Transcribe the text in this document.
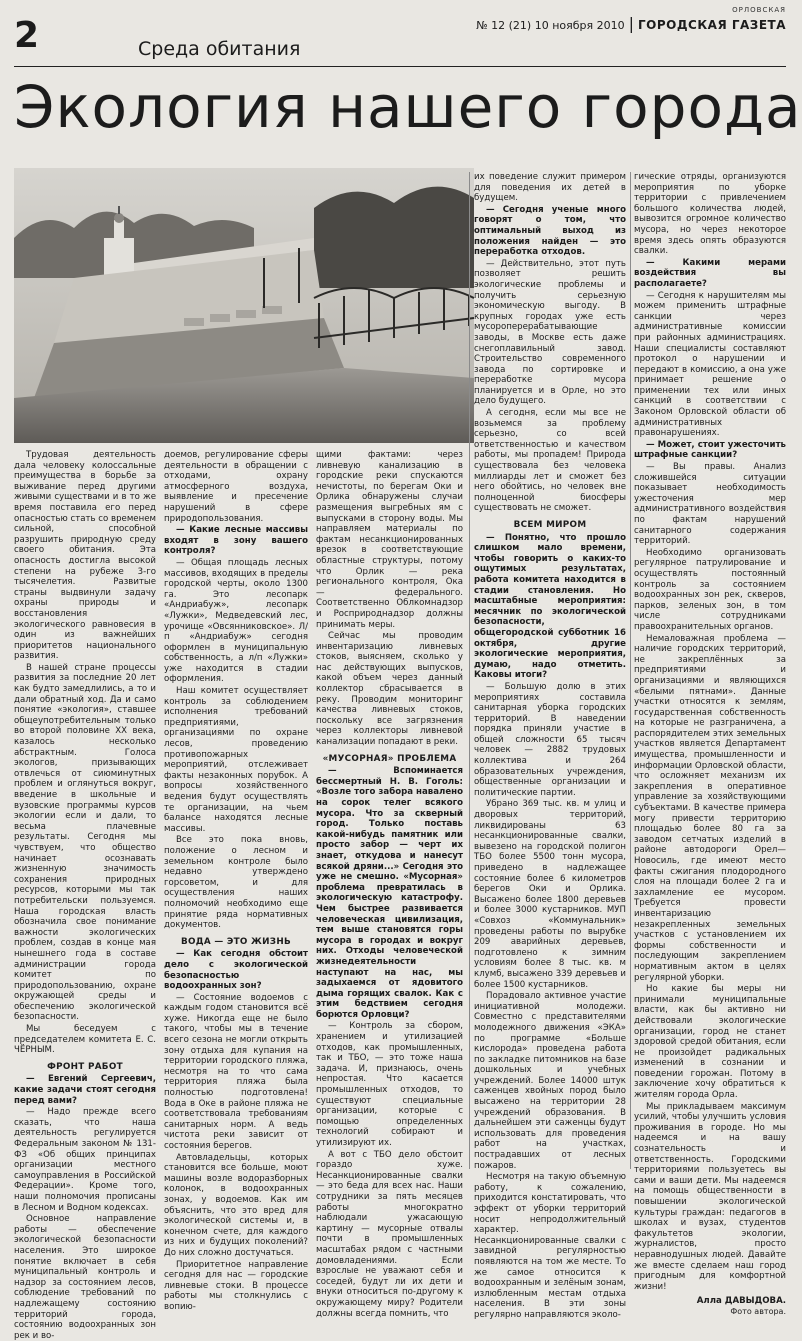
2	Среда обитания
ОРЛОВСКАЯ
№ 12 (21) 10 ноября 2010 | ГОРОДСКАЯ ГАЗЕТА
Экология нашего города

Трудовая деятельность дала человеку колоссальные преимущества в борьбе за выживание перед другими живыми существами и в то же время поставила его перед опасностью стать со временем сильной, способной разрушить природную среду своего обитания. Эта опасность достигла высокой степени на рубеже 3-го тысячелетия. Развитые страны выдвинули задачу охраны природы и восстановления экологического равновесия в один из важнейших приоритетов национального развития.

В нашей стране процессы развития за последние 20 лет как будто замедлились, а то и дали обратный ход. Да и само понятие «экология», ставшее общеупотребительным только во второй половине XX века, казалось несколько абстрактным. Голоса экологов, призывающих отвлечься от сиюминутных проблем и оглянуться вокруг, введение в школьные и вузовские программы курсов экологии если и дали, то весьма плачевные результаты. Сегодня мы чувствуем, что общество начинает осознавать жизненную значимость сохранения природных ресурсов, которыми мы так потребительски пользуемся. Наша городская власть обозначила свое понимание важности экологических проблем, создав в конце мая нынешнего года в составе администрации города комитет по природопользованию, охране окружающей среды и обеспечению экологической безопасности.

Мы беседуем с председателем комитета Е. С. ЧЁРНЫМ.

ФРОНТ РАБОТ

— Евгений Сергеевич, какие задачи стоят сегодня перед вами?

— Надо прежде всего сказать, что наша деятельность регулируется Федеральным законом № 131-ФЗ «Об общих принципах организации местного самоуправления в Российской Федерации». Кроме того, наши полномочия прописаны в Лесном и Водном кодексах.

Основное направление работы — обеспечение экологической безопасности населения. Это широкое понятие включает в себя муниципальный контроль и надзор за состоянием лесов, соблюдение требований по надлежащему состоянию территорий города, состоянию водоохранных зон рек и во-

доемов, регулирование сферы деятельности в обращении с отходами, охрану атмосферного воздуха, выявление и пресечение нарушений в сфере природопользования.

— Какие лесные массивы входят в зону вашего контроля?

— Общая площадь лесных массивов, входящих в пределы городской черты, около 1300 га. Это лесопарк «Андриабуж», лесопарк «Лужки», Медведевский лес, урочище «Овсянниковское». Л/п «Андриабуж» сегодня оформлен в муниципальную собственность, а л/п «Лужки» уже находится в стадии оформления.

Наш комитет осуществляет контроль за соблюдением исполнения требований предприятиями, организациями по охране лесов, проведению противопожарных мероприятий, отслеживает факты незаконных порубок. А вопросы хозяйственного ведения будут осуществлять те организации, на чьем балансе находятся лесные массивы.

Все это пока вновь, положение о лесном и земельном контроле было недавно утверждено горсоветом, и для осуществления наших полномочий необходимо еще принятие ряда нормативных документов.

ВОДА — ЭТО ЖИЗНЬ

— Как сегодня обстоит дело с экологической безопасностью водоохранных зон?

— Состояние водоемов с каждым годом становится всё хуже. Никогда еще не было такого, чтобы мы в течение всего сезона не могли открыть зону отдыха для купания на территории городского пляжа, несмотря на то что сама территория пляжа была полностью подготовлена! Вода в Оке в районе пляжа не соответствовала требованиям санитарных норм. А ведь чистота реки зависит от состояния берегов.

Автовладельцы, которых становится все больше, моют машины возле водоразборных колонок, в водоохранных зонах, у водоемов. Как им объяснить, что это вред для экологической системы и, в конечном счете, для каждого из них и будущих поколений? До них сложно достучаться.

Приоритетное направление сегодня для нас — городские ливневые стоки. В процессе работы мы столкнулись с вопию-

щими фактами: через ливневую канализацию в городские реки спускаются нечистоты, по берегам Оки и Орлика обнаружены случаи размещения выгребных ям с выпусками в сторону воды. Мы направляем материалы по фактам несанкционированных врезок в соответствующие областные структуры, потому что Орлик — река регионального контроля, Ока — федерального. Соответственно Облкомнадзор и Росприроднадзор должны принимать меры.

Сейчас мы проводим инвентаризацию ливневых стоков, выясняем, сколько у нас действующих выпусков, какой объем через данный коллектор сбрасывается в реку. Проводим мониторинг качества ливневых стоков, поскольку все загрязнения через коллекторы ливневой канализации попадают в реки.

«МУСОРНАЯ» ПРОБЛЕМА

— Вспоминается бессмертный Н. В. Гоголь: «Возле того забора навалено на сорок телег всякого мусора. Что за скверный город. Только поставь какой-нибудь памятник или просто забор — черт их знает, откудова и нанесут всякой дряни...» Сегодня это уже не смешно. «Мусорная» проблема превратилась в экологическую катастрофу. Чем быстрее развивается человеческая цивилизация, тем выше становятся горы мусора в городах и вокруг них. Отходы человеческой жизнедеятельности наступают на нас, мы задыхаемся от ядовитого дыма горящих свалок. Как с этим бедствием сегодня борются Орловци?

— Контроль за сбором, хранением и утилизацией отходов, как промышленных, так и ТБО, — это тоже наша задача. И, признаюсь, очень непростая. Что касается промышленных отходов, то существуют специальные организации, которые с помощью определенных технологий собирают и утилизируют их.

А вот с ТБО дело обстоит гораздо хуже. Несанкционированные свалки — это беда для всех нас. Наши сотрудники за пять месяцев работы многократно наблюдали ужасающую картину — мусорные отвалы почти в промышленных масштабах рядом с частными домовладениями. Если взрослые не уважают себя и соседей, будут ли их дети и внуки относиться по-другому к окружающему миру? Родители должны всегда помнить, что

их поведение служит примером для поведения их детей в будущем.

— Сегодня ученые много говорят о том, что оптимальный выход из положения найден — это переработка отходов.

— Действительно, этот путь позволяет решить экологические проблемы и получить серьезную экономическую выгоду. В крупных городах уже есть мусороперерабатывающие заводы, в Москве есть даже снегоплавильный завод. Строительство современного завода по сортировке и переработке мусора планируется и в Орле, но это дело будущего.

А сегодня, если мы все не возьмемся за проблему серьезно, со всей ответственностью и качеством работы, мы пропадем! Природа существовала без человека миллиарды лет и сможет без него обойтись, но человек вне полноценной биосферы существовать не сможет.

ВСЕМ МИРОМ

— Понятно, что прошло слишком мало времени, чтобы говорить о каких-то ощутимых результатах, работа комитета находится в стадии становления. Но масштабные мероприятия: месячник по экологической безопасности, общегородской субботник 16 октября, другие экологические мероприятия, думаю, надо отметить. Каковы итоги?

— Большую долю в этих мероприятиях составила санитарная уборка городских территорий. В наведении порядка приняли участие в общей сложности 65 тысяч человек — 2882 трудовых коллектива и 264 образовательных учреждения, общественные организации и политические партии.

Убрано 369 тыс. кв. м улиц и дворовых территорий, ликвидированы 63 несанкционированные свалки, вывезено на городской полигон ТБО более 5500 тонн мусора, приведено в надлежащее состояние более 6 километров берегов Оки и Орлика. Высажено более 1800 деревьев и более 3000 кустарников. МУП «Совхоз «Коммунальник» проведены работы по вырубке 209 аварийных деревьев, подготовлено к зимним условиям более 8 тыс. кв. м клумб, высажено 339 деревьев и более 1500 кустарников.

Порадовало активное участие инициативной молодежи. Совместно с представителями молодежного движения «ЭКА» по программе «Больше кислорода» проведена работа по закладке питомников на базе дошкольных и учебных учреждений. Более 14000 штук саженцев хвойных пород было высажено на территории 28 учреждений образования. В дальнейшем эти саженцы будут использовать для проведения работ на участках, пострадавших от лесных пожаров.

Несмотря на такую объемную работу, к сожалению, приходится констатировать, что эффект от уборки территорий носит непродолжительный характер. Несанкционированные свалки с завидной регулярностью появляются на том же месте. То же самое относится к водоохранным и зелёным зонам, излюбленным местам отдыха населения. В эти зоны регулярно направляются эколо-

гические отряды, организуются мероприятия по уборке территории с привлечением большого количества людей, вывозится огромное количество мусора, но через некоторое время здесь опять образуются свалки.

— Какими мерами воздействия вы располагаете?

— Сегодня к нарушителям мы можем применить штрафные санкции через административные комиссии при районных администрациях. Наши специалисты составляют протокол о нарушении и передают в комиссию, а она уже принимает решение о применении тех или иных санкций в соответствии с Законом Орловской области об административных правонарушениях.

— Может, стоит ужесточить штрафные санкции?

— Вы правы. Анализ сложившейся ситуации показывает необходимость ужесточения мер административного воздействия по фактам нарушений санитарного содержания территорий.

Необходимо организовать регулярное патрулирование и осуществлять постоянный контроль за состоянием водоохранных зон рек, скверов, парков, зеленых зон, в том числе сотрудниками правоохранительных органов.

Немаловажная проблема — наличие городских территорий, не закреплённых за предприятиями и организациями и являющихся «белыми пятнами». Данные участки относятся к землям, государственная собственность на которые не разграничена, а распорядителем этих земельных участков является Департамент имущества, промышленности и информации Орловской области, что осложняет механизм их закрепления в оперативное управление за хозяйствующими субъектами. В качестве примера могу привести территорию площадью более 80 га за заводом сетчатых изделий в районе автодороги Орел—Новосиль, где имеют место факты сжигания плодородного слоя на площади более 2 га и захламление ее мусором. Требуется провести инвентаризацию незакрепленных земельных участков с установлением их формы собственности и последующим закреплением нормативным актом в целях регулярной уборки.

Но какие бы меры ни принимали муниципальные власти, как бы активно ни действовали экологические организации, город не станет здоровой средой обитания, если не произойдет радикальных изменений в сознании и поведении горожан. Потому в заключение хочу обратиться к жителям города Орла.

Мы прикладываем максимум усилий, чтобы улучшить условия проживания в городе. Но мы надеемся и на вашу сознательность и ответственность. Городскими территориями пользуетесь вы сами и ваши дети. Мы надеемся на помощь общественности в повышении экологической культуры граждан: педагогов в школах и вузах, студентов факультетов экологии, журналистов, просто неравнодушных людей. Давайте же вместе сделаем наш город пригодным для комфортной жизни!

Алла ДАВЫДОВА.
Фото автора.
